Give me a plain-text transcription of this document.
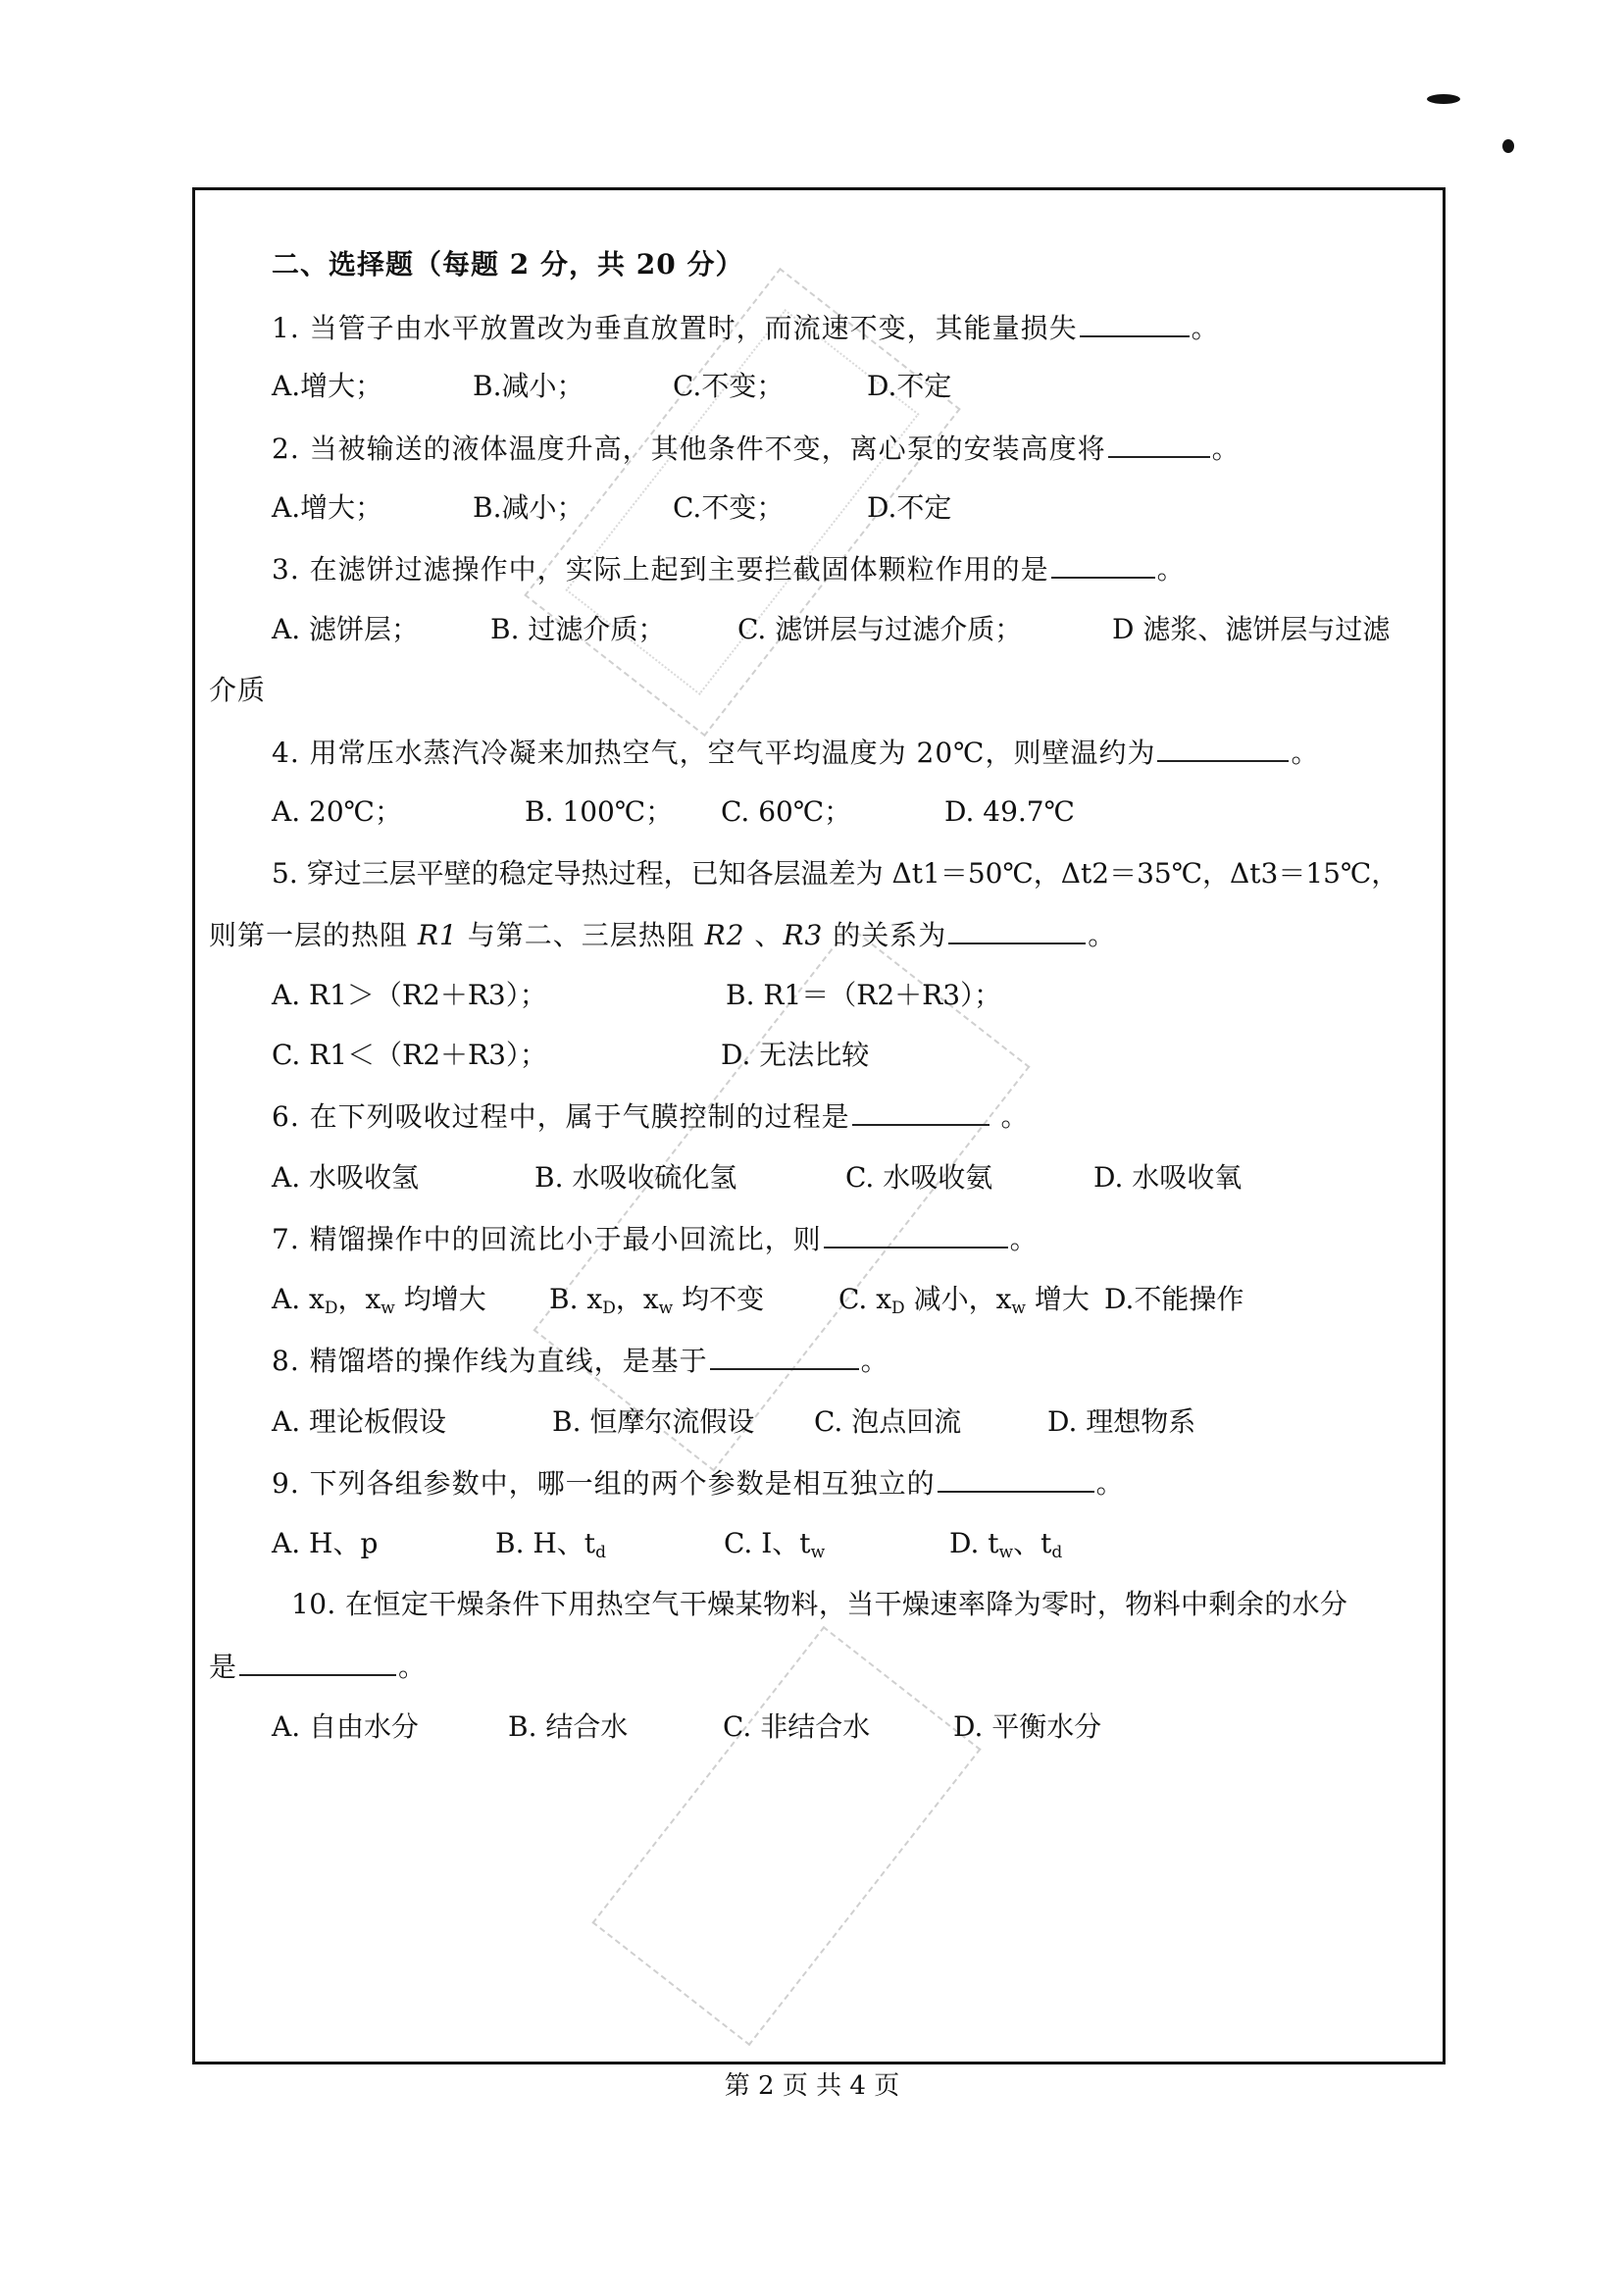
二、选择题（每题 2 分，共 20 分）
1. 当管子由水平放置改为垂直放置时，而流速不变，其能量损失	。
A.增大；	B.减小；	C.不变；	D.不定
2. 当被输送的液体温度升高，其他条件不变，离心泵的安装高度将	。
A.增大；	B.减小；	C.不变；	D.不定
3. 在滤饼过滤操作中，实际上起到主要拦截固体颗粒作用的是	。
A. 滤饼层；	B. 过滤介质；	C. 滤饼层与过滤介质；	D 滤浆、滤饼层与过滤
介质
4. 用常压水蒸汽冷凝来加热空气，空气平均温度为 20℃，则壁温约为	。
A. 20℃；	B. 100℃； C. 60℃；	D. 49.7℃
5. 穿过三层平壁的稳定导热过程，已知各层温差为 Δt1＝50℃，Δt2＝35℃，Δt3＝15℃，
则第一层的热阻 R1 与第二、三层热阻 R2 、R3 的关系为	。
A. R1＞（R2＋R3）；	B. R1＝（R2＋R3）；
C. R1＜（R2＋R3）；	D. 无法比较
6. 在下列吸收过程中，属于气膜控制的过程是	。
A. 水吸收氢	B. 水吸收硫化氢	C. 水吸收氨	D. 水吸收氧
7. 精馏操作中的回流比小于最小回流比，则	。
A. $x_D$，$x_w$ 均增大 B. $x_D$，$x_w$ 均不变	C. $x_D$ 减小，$x_w$ 增大 D.不能操作
8. 精馏塔的操作线为直线，是基于	。
A. 理论板假设	B. 恒摩尔流假设 C. 泡点回流	D. 理想物系
9. 下列各组参数中，哪一组的两个参数是相互独立的	。
A. H、p	B. H、$t_d$	C. I、$t_w$	D. $t_w$、$t_d$
10. 在恒定干燥条件下用热空气干燥某物料，当干燥速率降为零时，物料中剩余的水分
是	。
A. 自由水分	B. 结合水	C. 非结合水	D. 平衡水分
第 2 页 共 4 页
